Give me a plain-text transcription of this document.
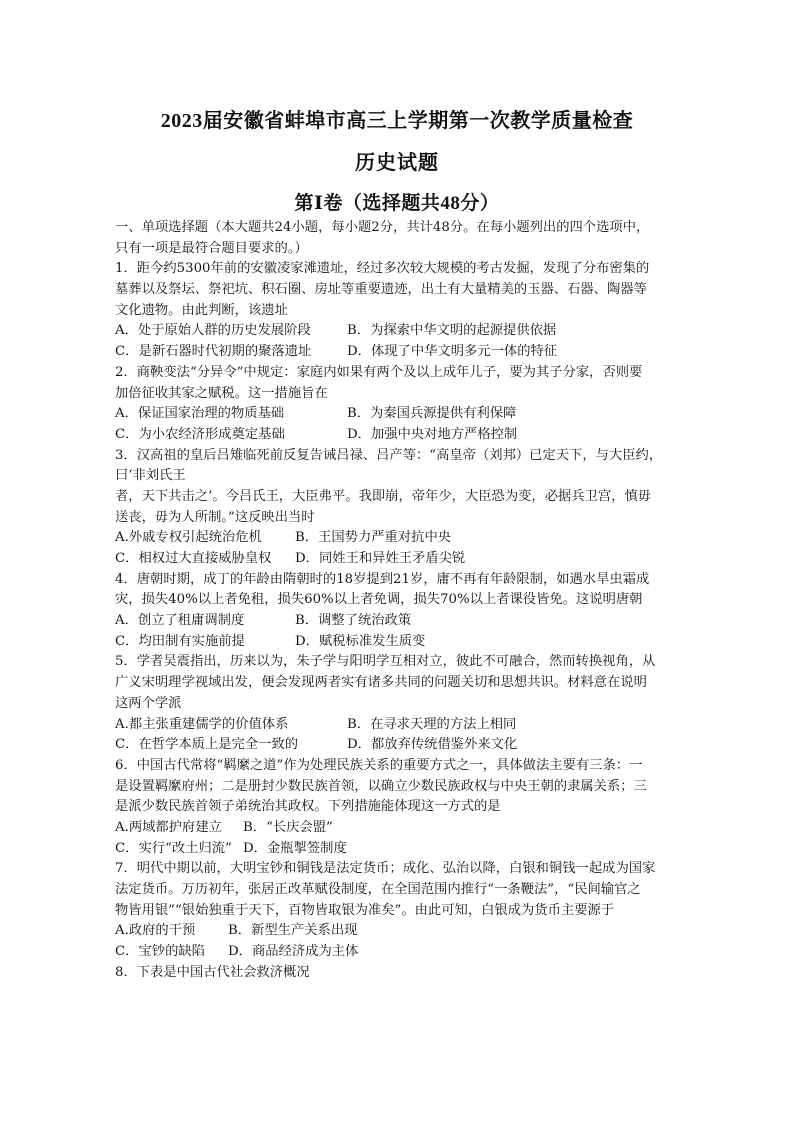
2023届安徽省蚌埠市高三上学期第一次教学质量检查
历史试题
第Ⅰ卷（选择题共48分）
一、单项选择题（本大题共24小题，每小题2分，共计48分。在每小题列出的四个选项中，
只有一项是最符合题目要求的。）
1．距今约5300年前的安徽凌家滩遗址，经过多次较大规模的考古发掘，发现了分布密集的
墓葬以及祭坛、祭祀坑、积石圈、房址等重要遗迹，出土有大量精美的玉器、石器、陶器等
文化遗物。由此判断，该遗址
A．处于原始人群的历史发展阶段	B．为探索中华文明的起源提供依据
C．是新石器时代初期的聚落遗址	D．体现了中华文明多元一体的特征
2．商鞅变法“分异令”中规定：家庭内如果有两个及以上成年儿子，要为其子分家，否则要
加倍征收其家之赋税。这一措施旨在
A．保证国家治理的物质基础	B．为秦国兵源提供有利保障
C．为小农经济形成奠定基础	D．加强中央对地方严格控制
3．汉高祖的皇后吕雉临死前反复告诫吕禄、吕产等：“高皇帝（刘邦）已定天下，与大臣约，
曰‘非刘氏王
者，天下共击之’。今吕氏王，大臣弗平。我即崩，帝年少，大臣恐为变，必据兵卫宫，慎毋
送丧，毋为人所制。”这反映出当时
A.外戚专权引起统治危机	B．王国势力严重对抗中央
C．相权过大直接威胁皇权	D．同姓王和异姓王矛盾尖锐
4．唐朝时期，成丁的年龄由隋朝时的18岁提到21岁，庸不再有年龄限制，如遇水旱虫霜成
灾，损失40%以上者免租，损失60%以上者免调，损失70%以上者课役皆免。这说明唐朝
A．创立了租庸调制度	B．调整了统治政策
C．均田制有实施前提	D．赋税标准发生质变
5．学者吴震指出，历来以为，朱子学与阳明学互相对立，彼此不可融合，然而转换视角，从
广义宋明理学视域出发，便会发现两者实有诸多共同的问题关切和思想共识。材料意在说明
这两个学派
A.都主张重建儒学的价值体系	B．在寻求天理的方法上相同
C．在哲学本质上是完全一致的	D．都放弃传统借鉴外来文化
6．中国古代常将“羁縻之道”作为处理民族关系的重要方式之一，具体做法主要有三条：一
是设置羁縻府州；二是册封少数民族首领，以确立少数民族政权与中央王朝的隶属关系；三
是派少数民族首领子弟统治其政权。下列措施能体现这一方式的是
A.两域都护府建立	B．“长庆会盟”
C．实行“改土归流” D．金瓶掣签制度
7．明代中期以前，大明宝钞和铜钱是法定货币；成化、弘治以降，白银和铜钱一起成为国家
法定货币。万历初年，张居正改革赋役制度，在全国范围内推行“一条鞭法”，“民间输官之
物皆用银”“银始独重于天下，百物皆取银为准矣”。由此可知，白银成为货币主要源于
A.政府的干预	B．新型生产关系出现
C．宝钞的缺陷	D．商品经济成为主体
8．下表是中国古代社会救济概况
